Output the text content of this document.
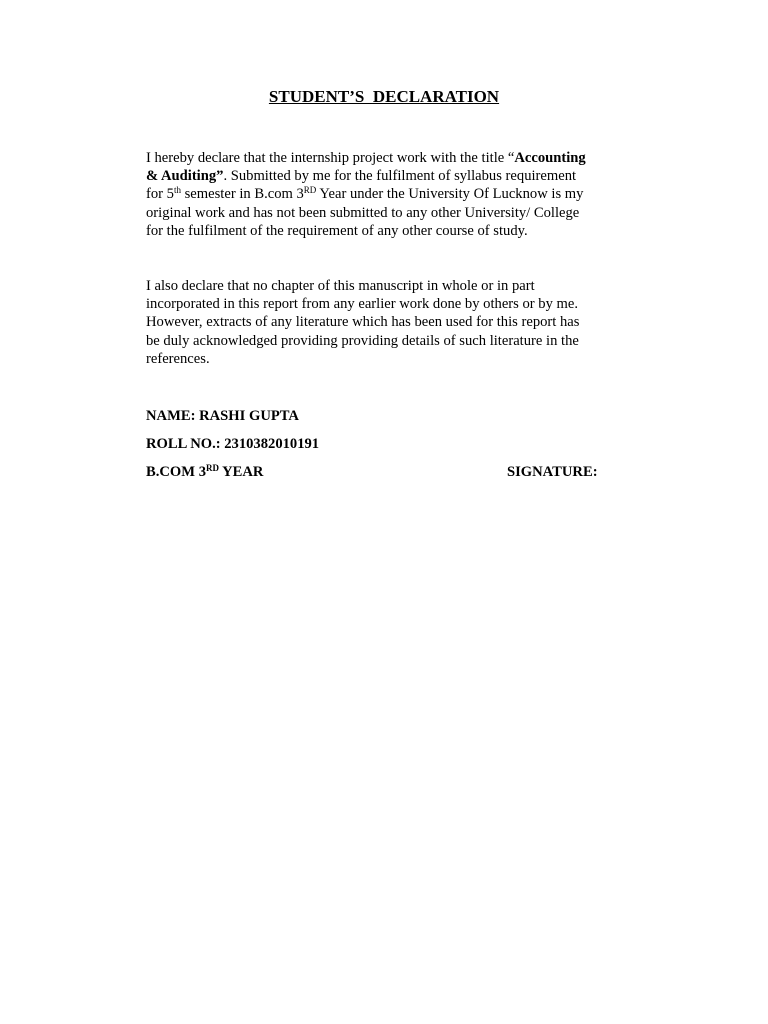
STUDENT’S  DECLARATION
I hereby declare that the internship project work with the title “Accounting
& Auditing”. Submitted by me for the fulfilment of syllabus requirement
for 5th semester in B.com 3RD Year under the University Of Lucknow is my
original work and has not been submitted to any other University/ College
for the fulfilment of the requirement of any other course of study.
I also declare that no chapter of this manuscript in whole or in part
incorporated in this report from any earlier work done by others or by me.
However, extracts of any literature which has been used for this report has
be duly acknowledged providing providing details of such literature in the
references.
NAME: RASHI GUPTA
ROLL NO.: 2310382010191
B.COM 3RD YEAR	SIGNATURE:
